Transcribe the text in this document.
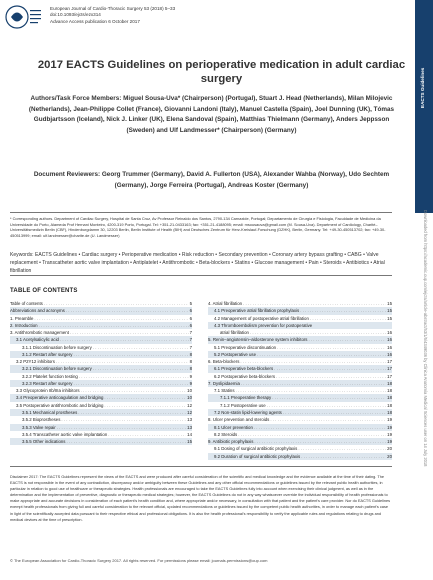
European Journal of Cardio-Thoracic Surgery 53 (2018) 5–33
doi:10.1093/ejcts/ezx314
Advance Access publication 6 October 2017
2017 EACTS Guidelines on perioperative medication in adult cardiac surgery
Authors/Task Force Members: Miguel Sousa-Uva* (Chairperson) (Portugal), Stuart J. Head (Netherlands), Milan Milojevic (Netherlands), Jean-Philippe Collet (France), Giovanni Landoni (Italy), Manuel Castella (Spain), Joel Dunning (UK), Tómas Gudbjartsson (Iceland), Nick J. Linker (UK), Elena Sandoval (Spain), Matthias Thielmann (Germany), Anders Jeppsson (Sweden) and Ulf Landmesser* (Chairperson) (Germany)
Document Reviewers: Georg Trummer (Germany), David A. Fullerton (USA), Alexander Wahba (Norway), Udo Sechtem (Germany), Jorge Ferreira (Portugal), Andreas Koster (Germany)
* Corresponding authors. Department of Cardiac Surgery, Hospital de Santa Cruz, Av Professor Reinaldo dos Santos, 2790-134 Carnaxide, Portugal; Departamento de Cirurgia e Fisiologia, Faculdade de Medicina da Universidade do Porto, Alameda Prof Hernani Monteiro, 4200-319 Porto, Portugal. Tel: +351-21-0433163; fax: +351-21-4188095; email: msousauva@gmail.com (M. Sousa-Uva). Department of Cardiology, Charité–Universitätsmedizin Berlin (CBF), Hindenburgdamm 30, 12203 Berlin, Berlin Institute of Health (BIH) and Deutsches Zentrum für Herz-Kreislauf-Forschung (DZHK), Berlin, Germany. Tel: +49-30-450513702; fax: +49-30-450513999; email: ulf.landmesser@charite.de (U. Landmesser)
Keywords: EACTS Guidelines • Cardiac surgery • Perioperative medication • Risk reduction • Secondary prevention • Coronary artery bypass grafting • CABG • Valve replacement • Transcatheter aortic valve implantation • Antiplatelet • Antithrombotic • Beta-blockers • Statins • Glucose management • Pain • Steroids • Antibiotics • Atrial fibrillation
TABLE OF CONTENTS
Table of contents . . .	5
Abbreviations and acronyms . . .	6
1. Preamble . . .	6
2. Introduction . . .	6
3. Antithrombotic management . . .	7
3.1 Acetylsalicylic acid . . .	7
3.1.1 Discontinuation before surgery . . .	7
3.1.2 Restart after surgery . . .	8
3.2 P2Y12 inhibitors . . .	8
3.2.1 Discontinuation before surgery . . .	8
3.2.2 Platelet function testing . . .	9
3.2.3 Restart after surgery . . .	9
3.3 Glycoprotein IIb/IIIa inhibitors . . .	10
3.4 Preoperative anticoagulation and bridging . . .	10
3.5 Postoperative antithrombotic and bridging . . .	12
3.5.1 Mechanical prostheses . . .	12
3.5.2 Bioprostheses . . .	13
3.5.3 Valve repair . . .	13
3.5.4 Transcatheter aortic valve implantation . . .	14
3.5.5 Other indications . . .	15
4. Atrial fibrillation . . .	15
4.1 Preoperative atrial fibrillation prophylaxis . . .	15
4.2 Management of postoperative atrial fibrillation . . .	15
4.3 Thromboembolism prevention for postoperative
atrial fibrillation . . .	16
5. Renin–angiotensin–aldosterone system inhibitors . . .	16
5.1 Preoperative discontinuation . . .	16
5.2 Postoperative use . . .	16
6. Beta-blockers . . .	17
6.1 Preoperative beta-blockers . . .	17
6.2 Postoperative beta-blockers . . .	17
7. Dyslipidaemia . . .	18
7.1 Statins . . .	18
7.1.1 Preoperative therapy . . .	18
7.1.2 Postoperative use . . .	18
7.2 Non-statin lipid-lowering agents . . .	18
8. Ulcer prevention and steroids . . .	19
8.1 Ulcer prevention . . .	19
8.2 Steroids . . .	19
9. Antibiotic prophylaxis . . .	19
9.1 Dosing of surgical antibiotic prophylaxis . . .	20
9.2 Duration of surgical antibiotic prophylaxis . . .	20
Disclaimer 2017: The EACTS Guidelines represent the views of the EACTS and were produced after careful consideration of the scientific and medical knowledge and the evidence available at the time of their dating. The EACTS is not responsible in the event of any contradiction, discrepancy and/or ambiguity between these Guidelines and any other official recommendations or guidelines issued by the relevant public health authorities, in particular in relation to good use of healthcare or therapeutic strategies. Health professionals are encouraged to take the EACTS Guidelines fully into account when exercising their clinical judgment, as well as in the determination and the implementation of preventive, diagnostic or therapeutic medical strategies; however, the EACTS Guidelines do not in any way whatsoever override the individual responsibility of health professionals to make appropriate and accurate decisions in consideration of each patient's health condition and, where appropriate and/or necessary, in consultation with that patient and the patient's care provider. Nor do EACTS Guidelines exempt health professionals from giving full and careful consideration to the relevant official, updated recommendations or guidelines issued by the competent public health authorities, in order to manage each patient's case in light of the scientifically accepted data pursuant to their respective ethical and professional obligations. It is also the health professional's responsibility to verify the applicable rules and regulations relating to drugs and medical devices at the time of prescription.
© The European Association for Cardio-Thoracic Surgery 2017. All rights reserved. For permissions please email: journals.permissions@oup.com
EACTS Guidelines
Downloaded from https://academic.oup.com/ejcts/article-abstract/53/1/5/4349036 by Clinica Anatomía Medical Sciences user on 14 July 2018
